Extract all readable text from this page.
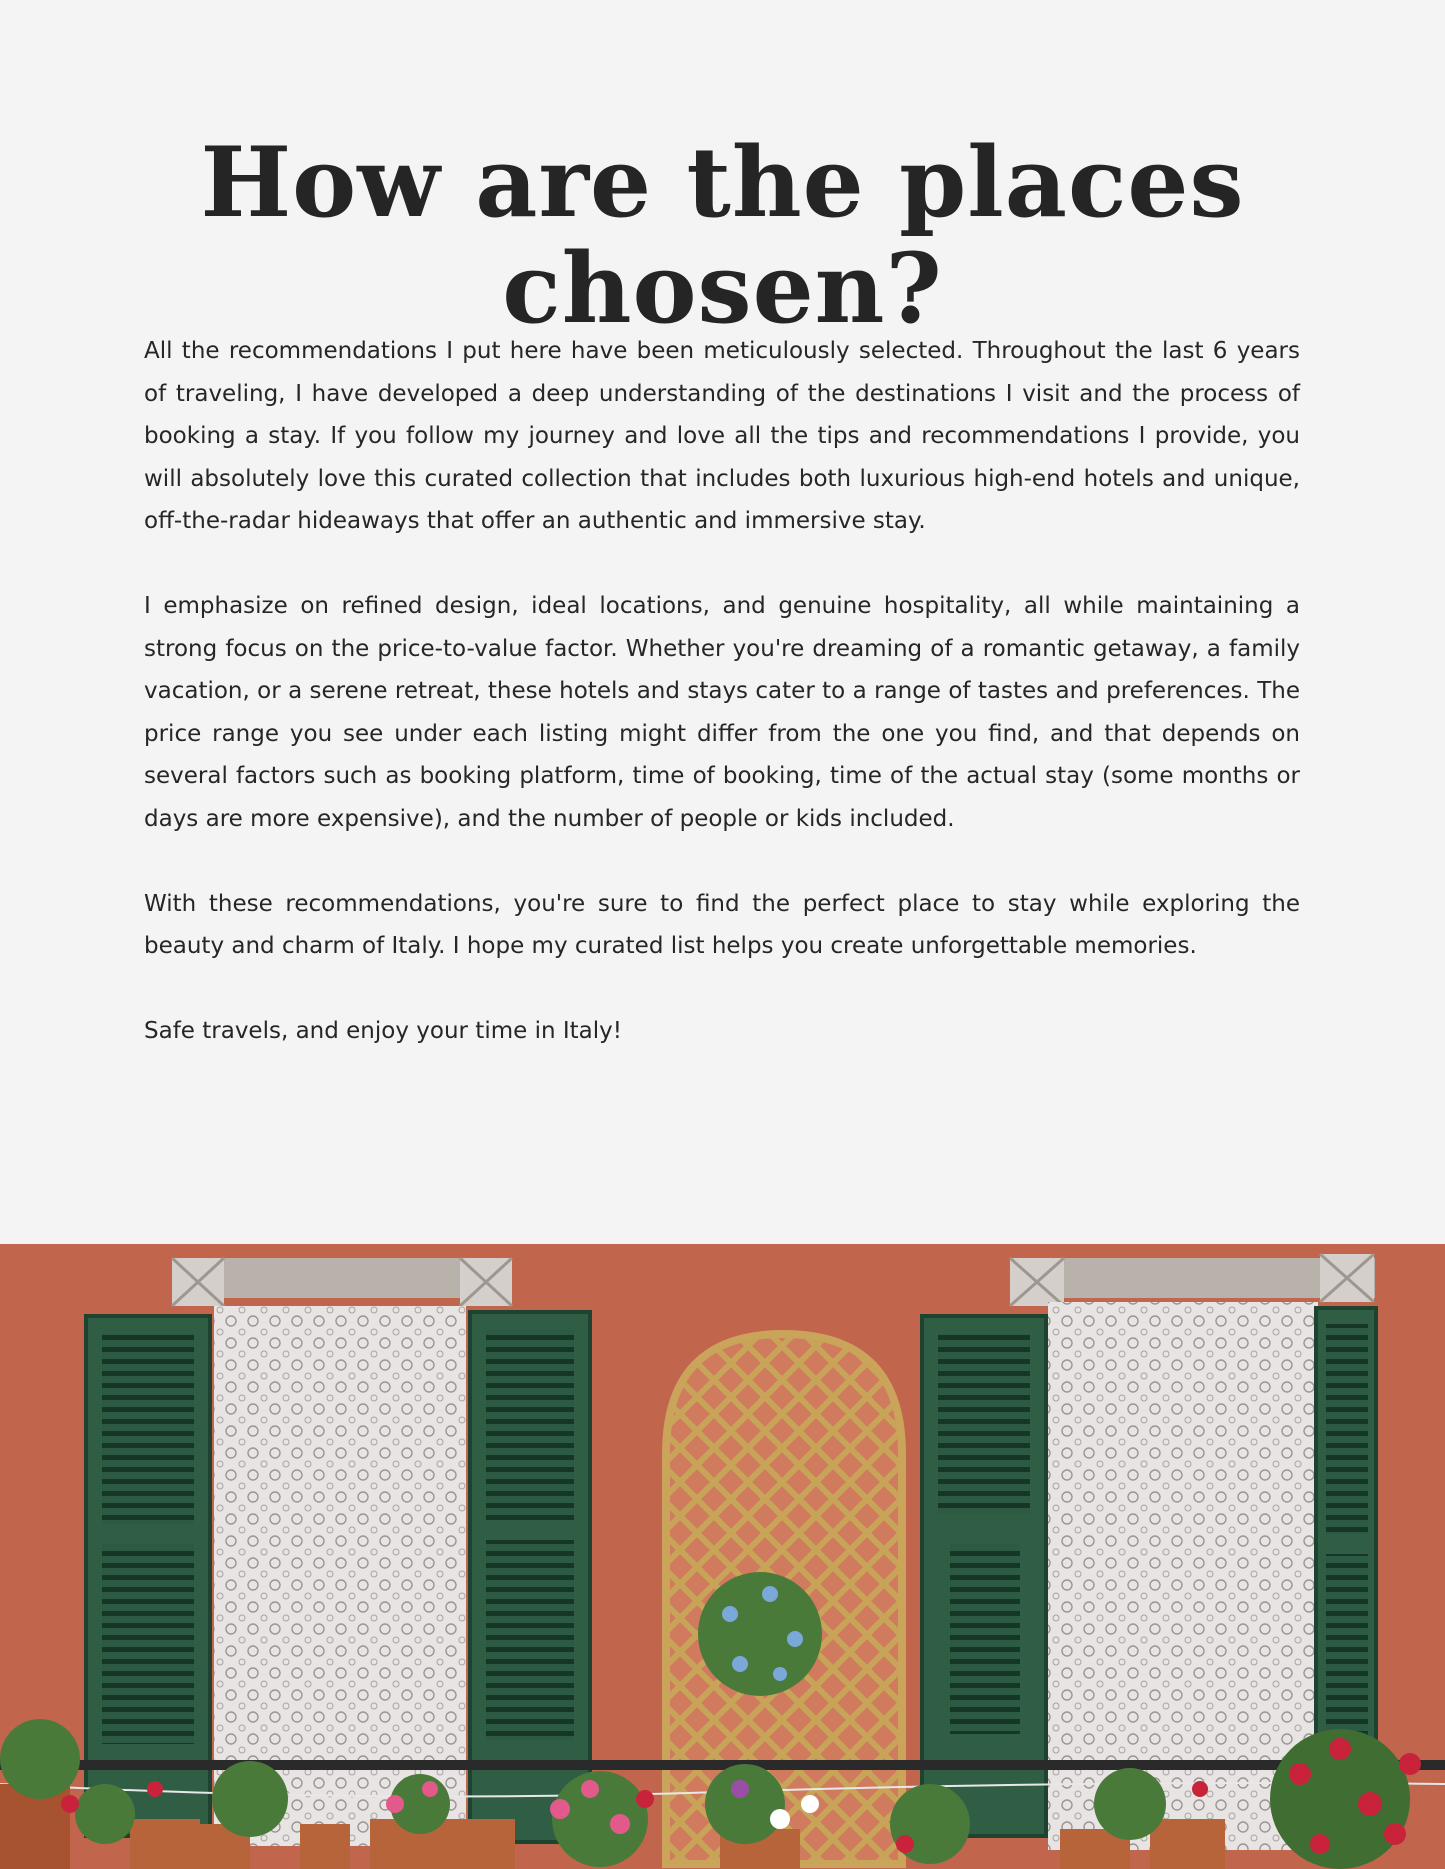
How are the places chosen?

All the recommendations I put here have been meticulously selected. Throughout the last 6 years of traveling, I have developed a deep understanding of the destinations I visit and the process of booking a stay. If you follow my journey and love all the tips and recommendations I provide, you will absolutely love this curated collection that includes both luxurious high-end hotels and unique, off-the-radar hideaways that offer an authentic and immersive stay.

I emphasize on refined design, ideal locations, and genuine hospitality, all while maintaining a strong focus on the price-to-value factor. Whether you're dreaming of a romantic getaway, a family vacation, or a serene retreat, these hotels and stays cater to a range of tastes and preferences. The price range you see under each listing might differ from the one you find, and that depends on several factors such as booking platform, time of booking, time of the actual stay (some months or days are more expensive), and the number of people or kids included.

With these recommendations, you're sure to find the perfect place to stay while exploring the beauty and charm of Italy. I hope my curated list helps you create unforgettable memories.

Safe travels, and enjoy your time in Italy!
